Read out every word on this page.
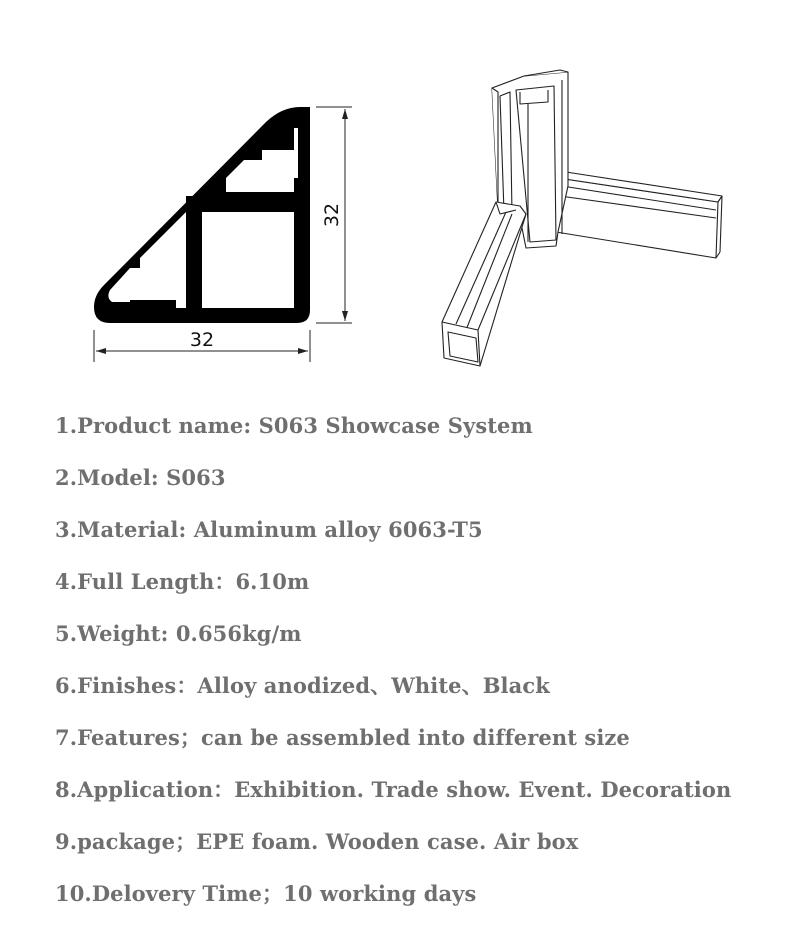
32
32
1.Product name: S063 Showcase System
2.Model: S063
3.Material: Aluminum alloy 6063-T5
4.Full Length：6.10m
5.Weight: 0.656kg/m
6.Finishes：Alloy anodized、White、Black
7.Features；can be assembled into different size
8.Application：Exhibition. Trade show. Event. Decoration
9.package；EPE foam. Wooden case. Air box
10.Delovery Time；10 working days
